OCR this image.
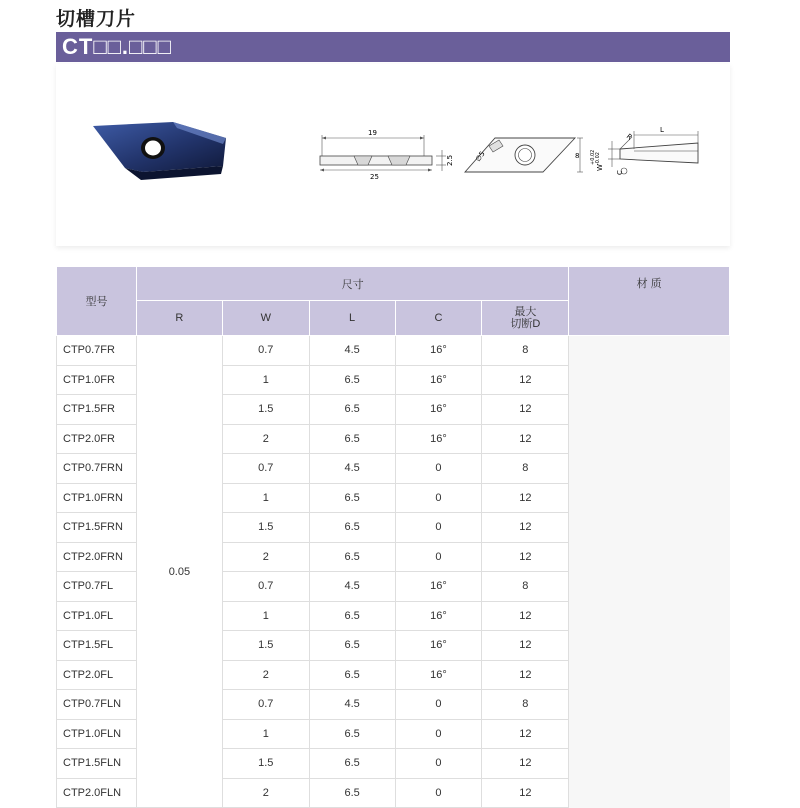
切槽刀片
CT□□.□□□
19
25
2.5	∅5	8
W
+0.02 -0.02
L
R
C
型号	尺寸					材 质
	R	W	L	C	最大
切断D	
CTP0.7FR	0.05	0.7	4.5	16°	8	
CTP1.0FR		1	6.5	16°	12	
CTP1.5FR		1.5	6.5	16°	12	
CTP2.0FR		2	6.5	16°	12	
CTP0.7FRN		0.7	4.5	0	8	
CTP1.0FRN		1	6.5	0	12	
CTP1.5FRN		1.5	6.5	0	12	
CTP2.0FRN		2	6.5	0	12	
CTP0.7FL		0.7	4.5	16°	8	
CTP1.0FL		1	6.5	16°	12	
CTP1.5FL		1.5	6.5	16°	12	
CTP2.0FL		2	6.5	16°	12	
CTP0.7FLN		0.7	4.5	0	8	
CTP1.0FLN		1	6.5	0	12	
CTP1.5FLN		1.5	6.5	0	12	
CTP2.0FLN		2	6.5	0	12	
